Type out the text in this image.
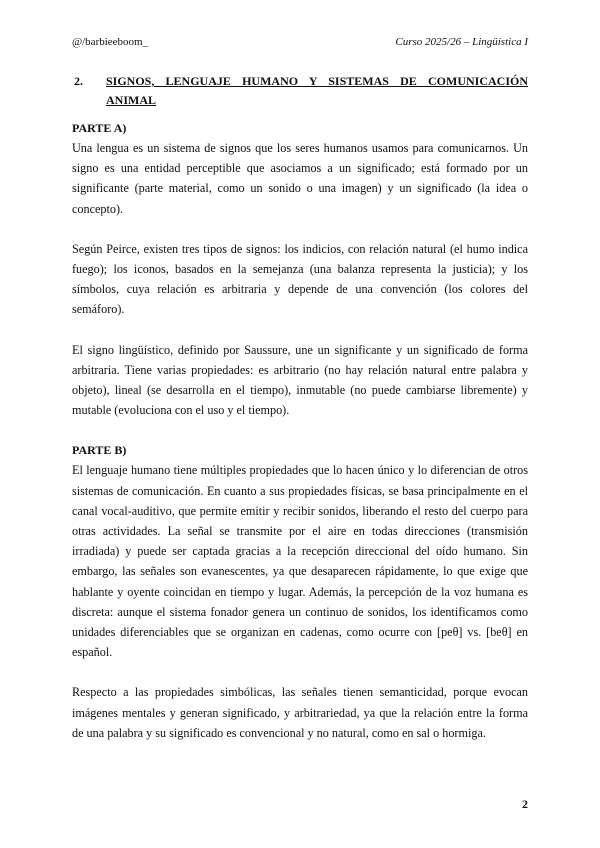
@/barbieeboom_	Curso 2025/26 – Lingüística I

2. SIGNOS, LENGUAJE HUMANO Y SISTEMAS DE COMUNICACIÓN ANIMAL

PARTE A)

Una lengua es un sistema de signos que los seres humanos usamos para comunicarnos. Un signo es una entidad perceptible que asociamos a un significado; está formado por un significante (parte material, como un sonido o una imagen) y un significado (la idea o concepto).

Según Peirce, existen tres tipos de signos: los indicios, con relación natural (el humo indica fuego); los iconos, basados en la semejanza (una balanza representa la justicia); y los símbolos, cuya relación es arbitraria y depende de una convención (los colores del semáforo).

El signo lingüístico, definido por Saussure, une un significante y un significado de forma arbitraria. Tiene varias propiedades: es arbitrario (no hay relación natural entre palabra y objeto), lineal (se desarrolla en el tiempo), inmutable (no puede cambiarse libremente) y mutable (evoluciona con el uso y el tiempo).

PARTE B)

El lenguaje humano tiene múltiples propiedades que lo hacen único y lo diferencian de otros sistemas de comunicación. En cuanto a sus propiedades físicas, se basa principalmente en el canal vocal-auditivo, que permite emitir y recibir sonidos, liberando el resto del cuerpo para otras actividades. La señal se transmite por el aire en todas direcciones (transmisión irradiada) y puede ser captada gracias a la recepción direccional del oído humano. Sin embargo, las señales son evanescentes, ya que desaparecen rápidamente, lo que exige que hablante y oyente coincidan en tiempo y lugar. Además, la percepción de la voz humana es discreta: aunque el sistema fonador genera un continuo de sonidos, los identificamos como unidades diferenciables que se organizan en cadenas, como ocurre con [peθ] vs. [beθ] en español.

Respecto a las propiedades simbólicas, las señales tienen semanticidad, porque evocan imágenes mentales y generan significado, y arbitrariedad, ya que la relación entre la forma de una palabra y su significado es convencional y no natural, como en sal o hormiga.

2
